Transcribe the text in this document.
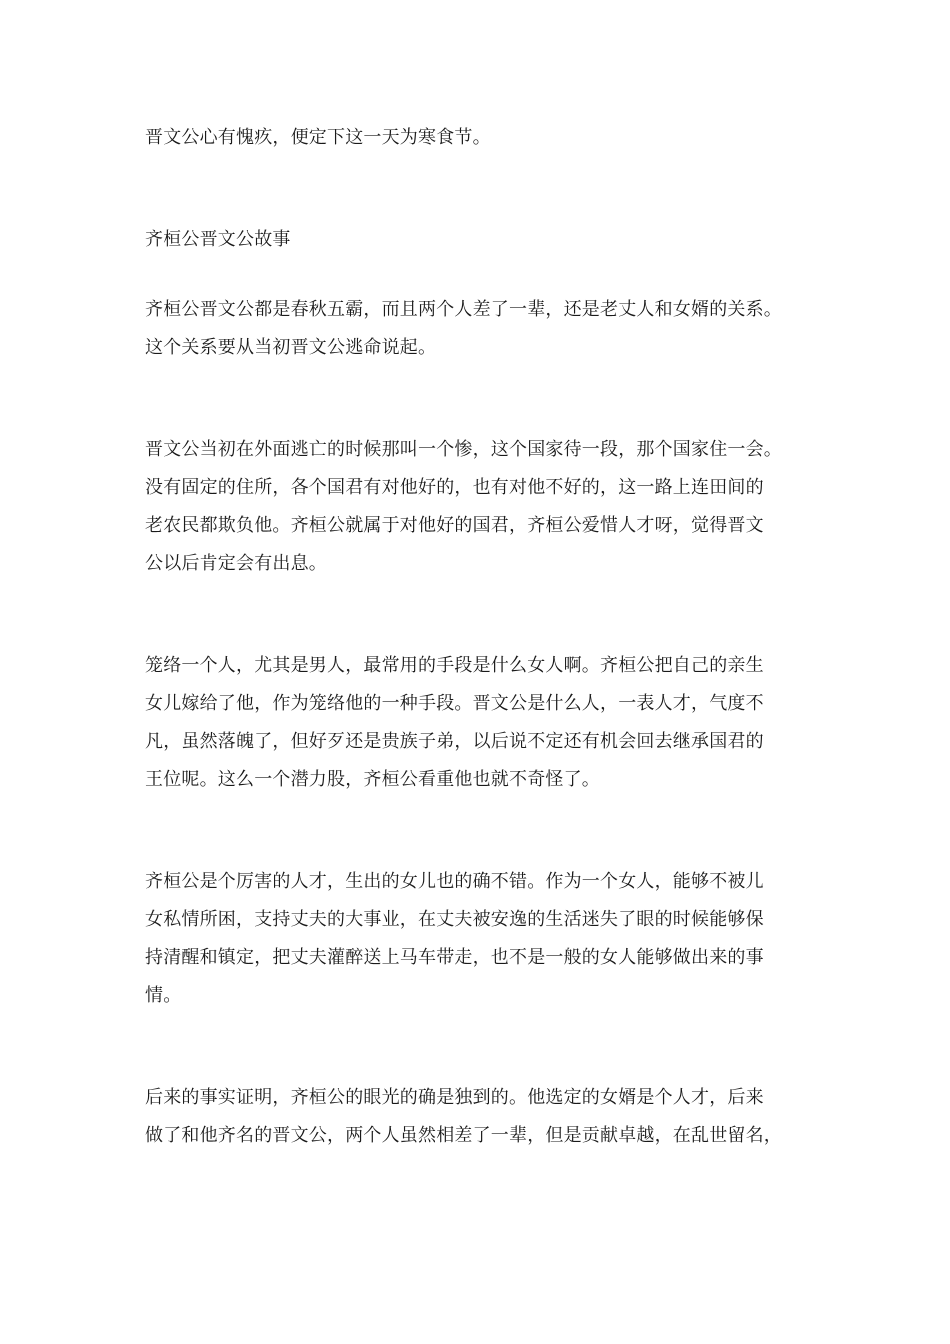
晋文公心有愧疚，便定下这一天为寒食节。
齐桓公晋文公故事
齐桓公晋文公都是春秋五霸，而且两个人差了一辈，还是老丈人和女婿的关系。
这个关系要从当初晋文公逃命说起。
晋文公当初在外面逃亡的时候那叫一个惨，这个国家待一段，那个国家住一会。
没有固定的住所，各个国君有对他好的，也有对他不好的，这一路上连田间的
老农民都欺负他。齐桓公就属于对他好的国君，齐桓公爱惜人才呀，觉得晋文
公以后肯定会有出息。
笼络一个人，尤其是男人，最常用的手段是什么女人啊。齐桓公把自己的亲生
女儿嫁给了他，作为笼络他的一种手段。晋文公是什么人，一表人才，气度不
凡，虽然落魄了，但好歹还是贵族子弟，以后说不定还有机会回去继承国君的
王位呢。这么一个潜力股，齐桓公看重他也就不奇怪了。
齐桓公是个厉害的人才，生出的女儿也的确不错。作为一个女人，能够不被儿
女私情所困，支持丈夫的大事业，在丈夫被安逸的生活迷失了眼的时候能够保
持清醒和镇定，把丈夫灌醉送上马车带走，也不是一般的女人能够做出来的事
情。
后来的事实证明，齐桓公的眼光的确是独到的。他选定的女婿是个人才，后来
做了和他齐名的晋文公，两个人虽然相差了一辈，但是贡献卓越，在乱世留名，
